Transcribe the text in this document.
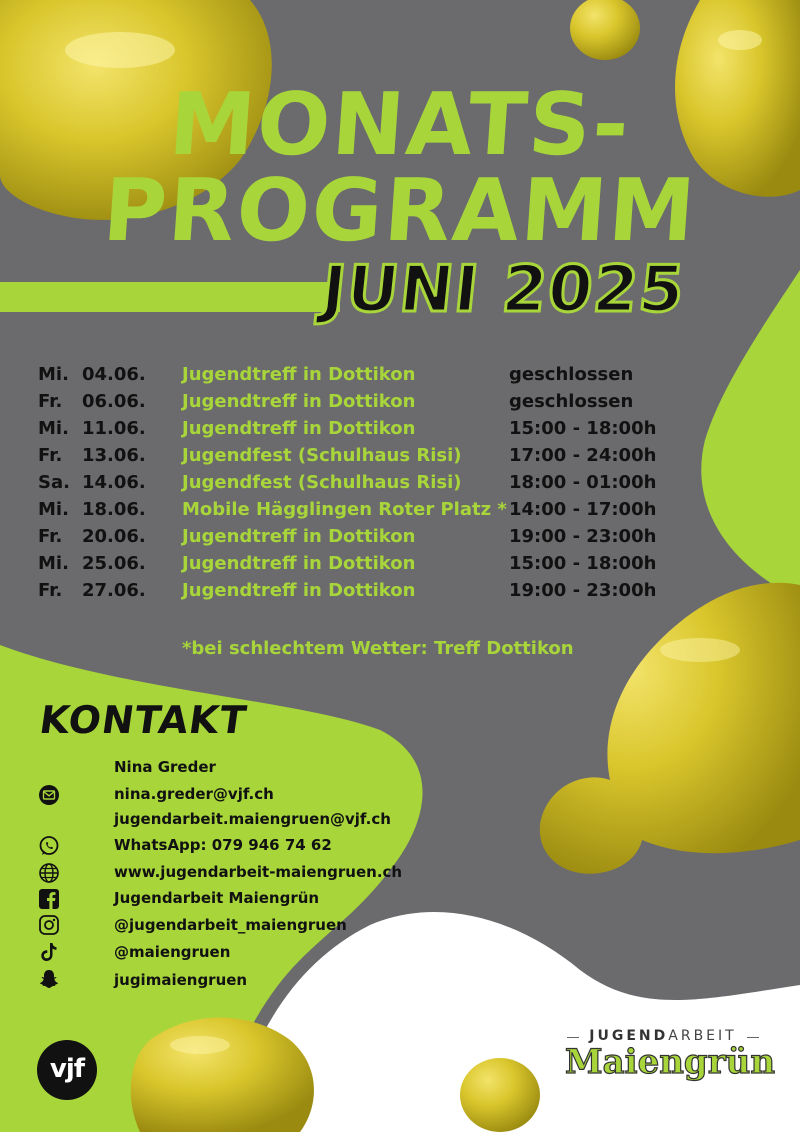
MONATS-
PROGRAMM
JUNI 2025
Mi. 04.06. Jugendtreff in Dottikon	geschlossen
Fr. 06.06. Jugendtreff in Dottikon	geschlossen
Mi. 11.06. Jugendtreff in Dottikon	15:00 - 18:00h
Fr. 13.06. Jugendfest (Schulhaus Risi)	17:00 - 24:00h
Sa. 14.06. Jugendfest (Schulhaus Risi)	18:00 - 01:00h
Mi. 18.06. Mobile Hägglingen Roter Platz * 14:00 - 17:00h
Fr. 20.06. Jugendtreff in Dottikon	19:00 - 23:00h
Mi. 25.06. Jugendtreff in Dottikon	15:00 - 18:00h
Fr. 27.06. Jugendtreff in Dottikon	19:00 - 23:00h
*bei schlechtem Wetter: Treff Dottikon
KONTAKT
Nina Greder
nina.greder@vjf.ch
jugendarbeit.maiengruen@vjf.ch
WhatsApp: 079 946 74 62
www.jugendarbeit-maiengruen.ch
Jugendarbeit Maiengrün
@jugendarbeit_maiengruen
@maiengruen
jugimaiengruen
vjf
JUGENDARBEIT
Maiengrün
